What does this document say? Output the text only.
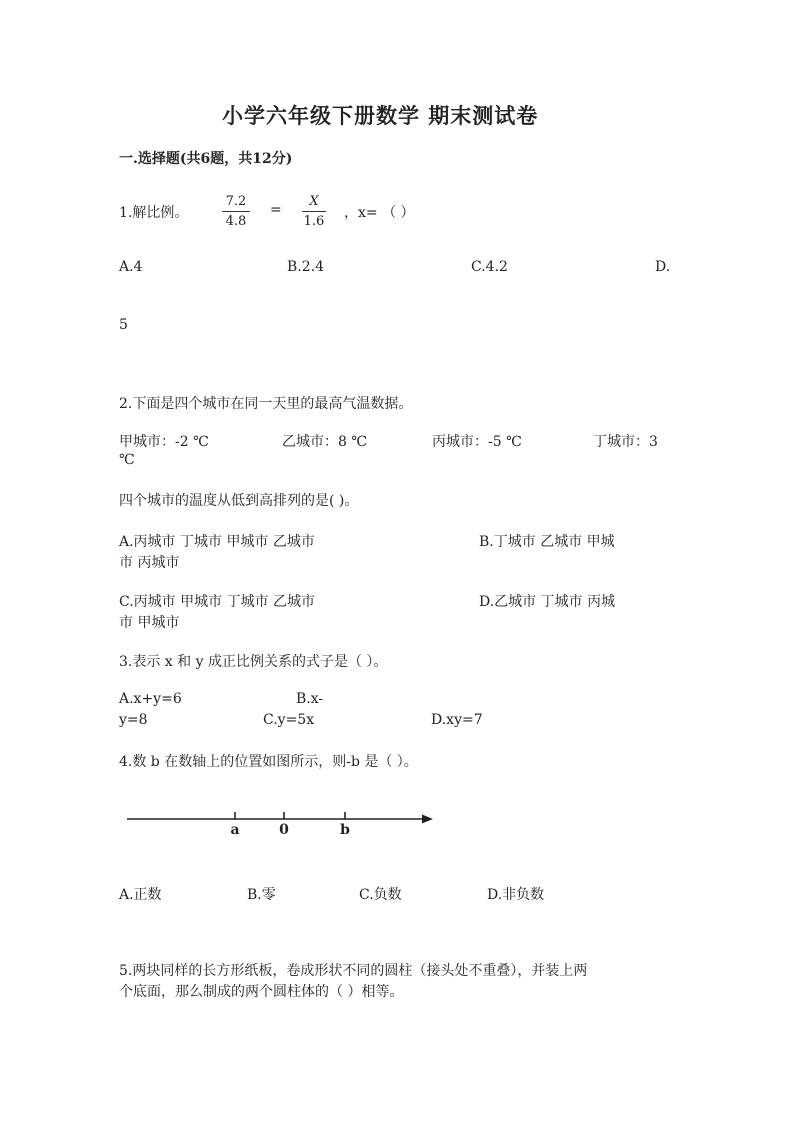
小学六年级下册数学 期末测试卷
一.选择题(共6题，共12分)
1.解比例。
7.2
4.8
=
X
1.6
，x= （ ）
A.4	B.2.4	C.4.2	D.
5
2.下面是四个城市在同一天里的最高气温数据。
甲城市：-2 ℃	乙城市：8 ℃	丙城市：-5 ℃	丁城市：3
℃
四个城市的温度从低到高排列的是( )。
A.丙城市 丁城市 甲城市 乙城市	B.丁城市 乙城市 甲城
市 丙城市
C.丙城市 甲城市 丁城市 乙城市	D.乙城市 丁城市 丙城
市 甲城市
3.表示 x 和 y 成正比例关系的式子是（ ）。
A.x+y=6	B.x-
y=8	C.y=5x	D.xy=7
4.数 b 在数轴上的位置如图所示，则-b 是（ ）。
a	0	b
A.正数	B.零	C.负数	D.非负数
5.两块同样的长方形纸板，卷成形状不同的圆柱（接头处不重叠），并装上两
个底面，那么制成的两个圆柱体的（ ）相等。
